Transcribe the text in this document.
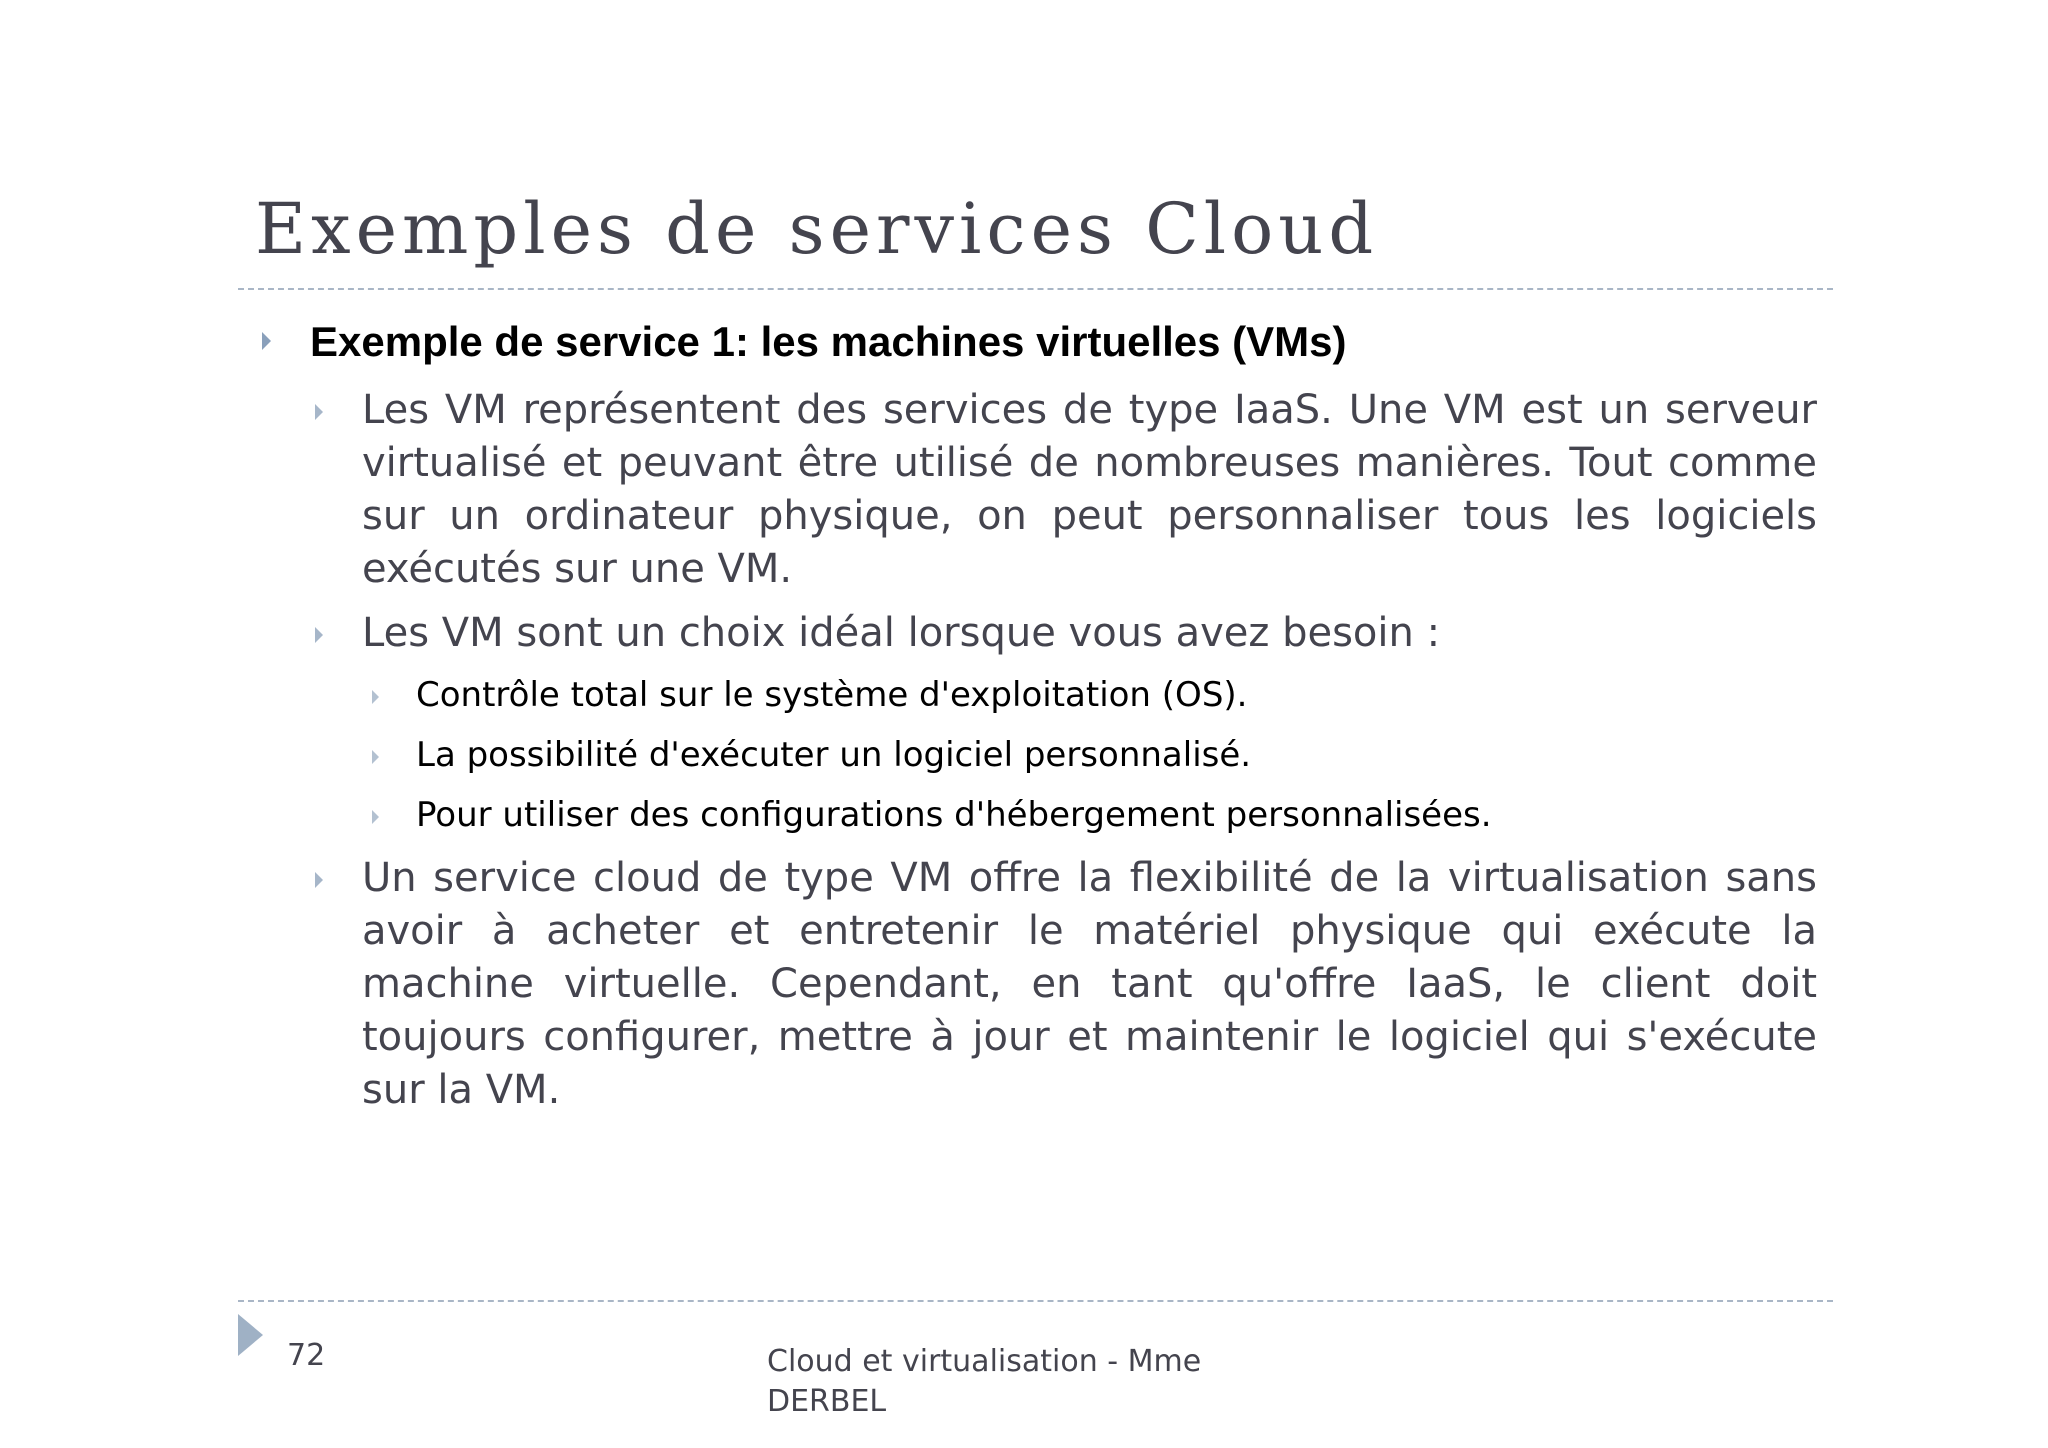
Exemples de services Cloud
Exemple de service 1: les machines virtuelles (VMs)
Les VM représentent des services de type IaaS. Une VM est un serveur virtualisé et peuvant être utilisé de nombreuses manières. Tout comme sur un ordinateur physique, on peut personnaliser tous les logiciels exécutés sur une VM.
Les VM sont un choix idéal lorsque vous avez besoin :
Contrôle total sur le système d'exploitation (OS).
La possibilité d'exécuter un logiciel personnalisé.
Pour utiliser des configurations d'hébergement personnalisées.
Un service cloud de type VM offre la flexibilité de la virtualisation sans avoir à acheter et entretenir le matériel physique qui exécute la machine virtuelle. Cependant, en tant qu'offre IaaS, le client doit toujours configurer, mettre à jour et maintenir le logiciel qui s'exécute sur la VM.
72	Cloud et virtualisation - Mme DERBEL
